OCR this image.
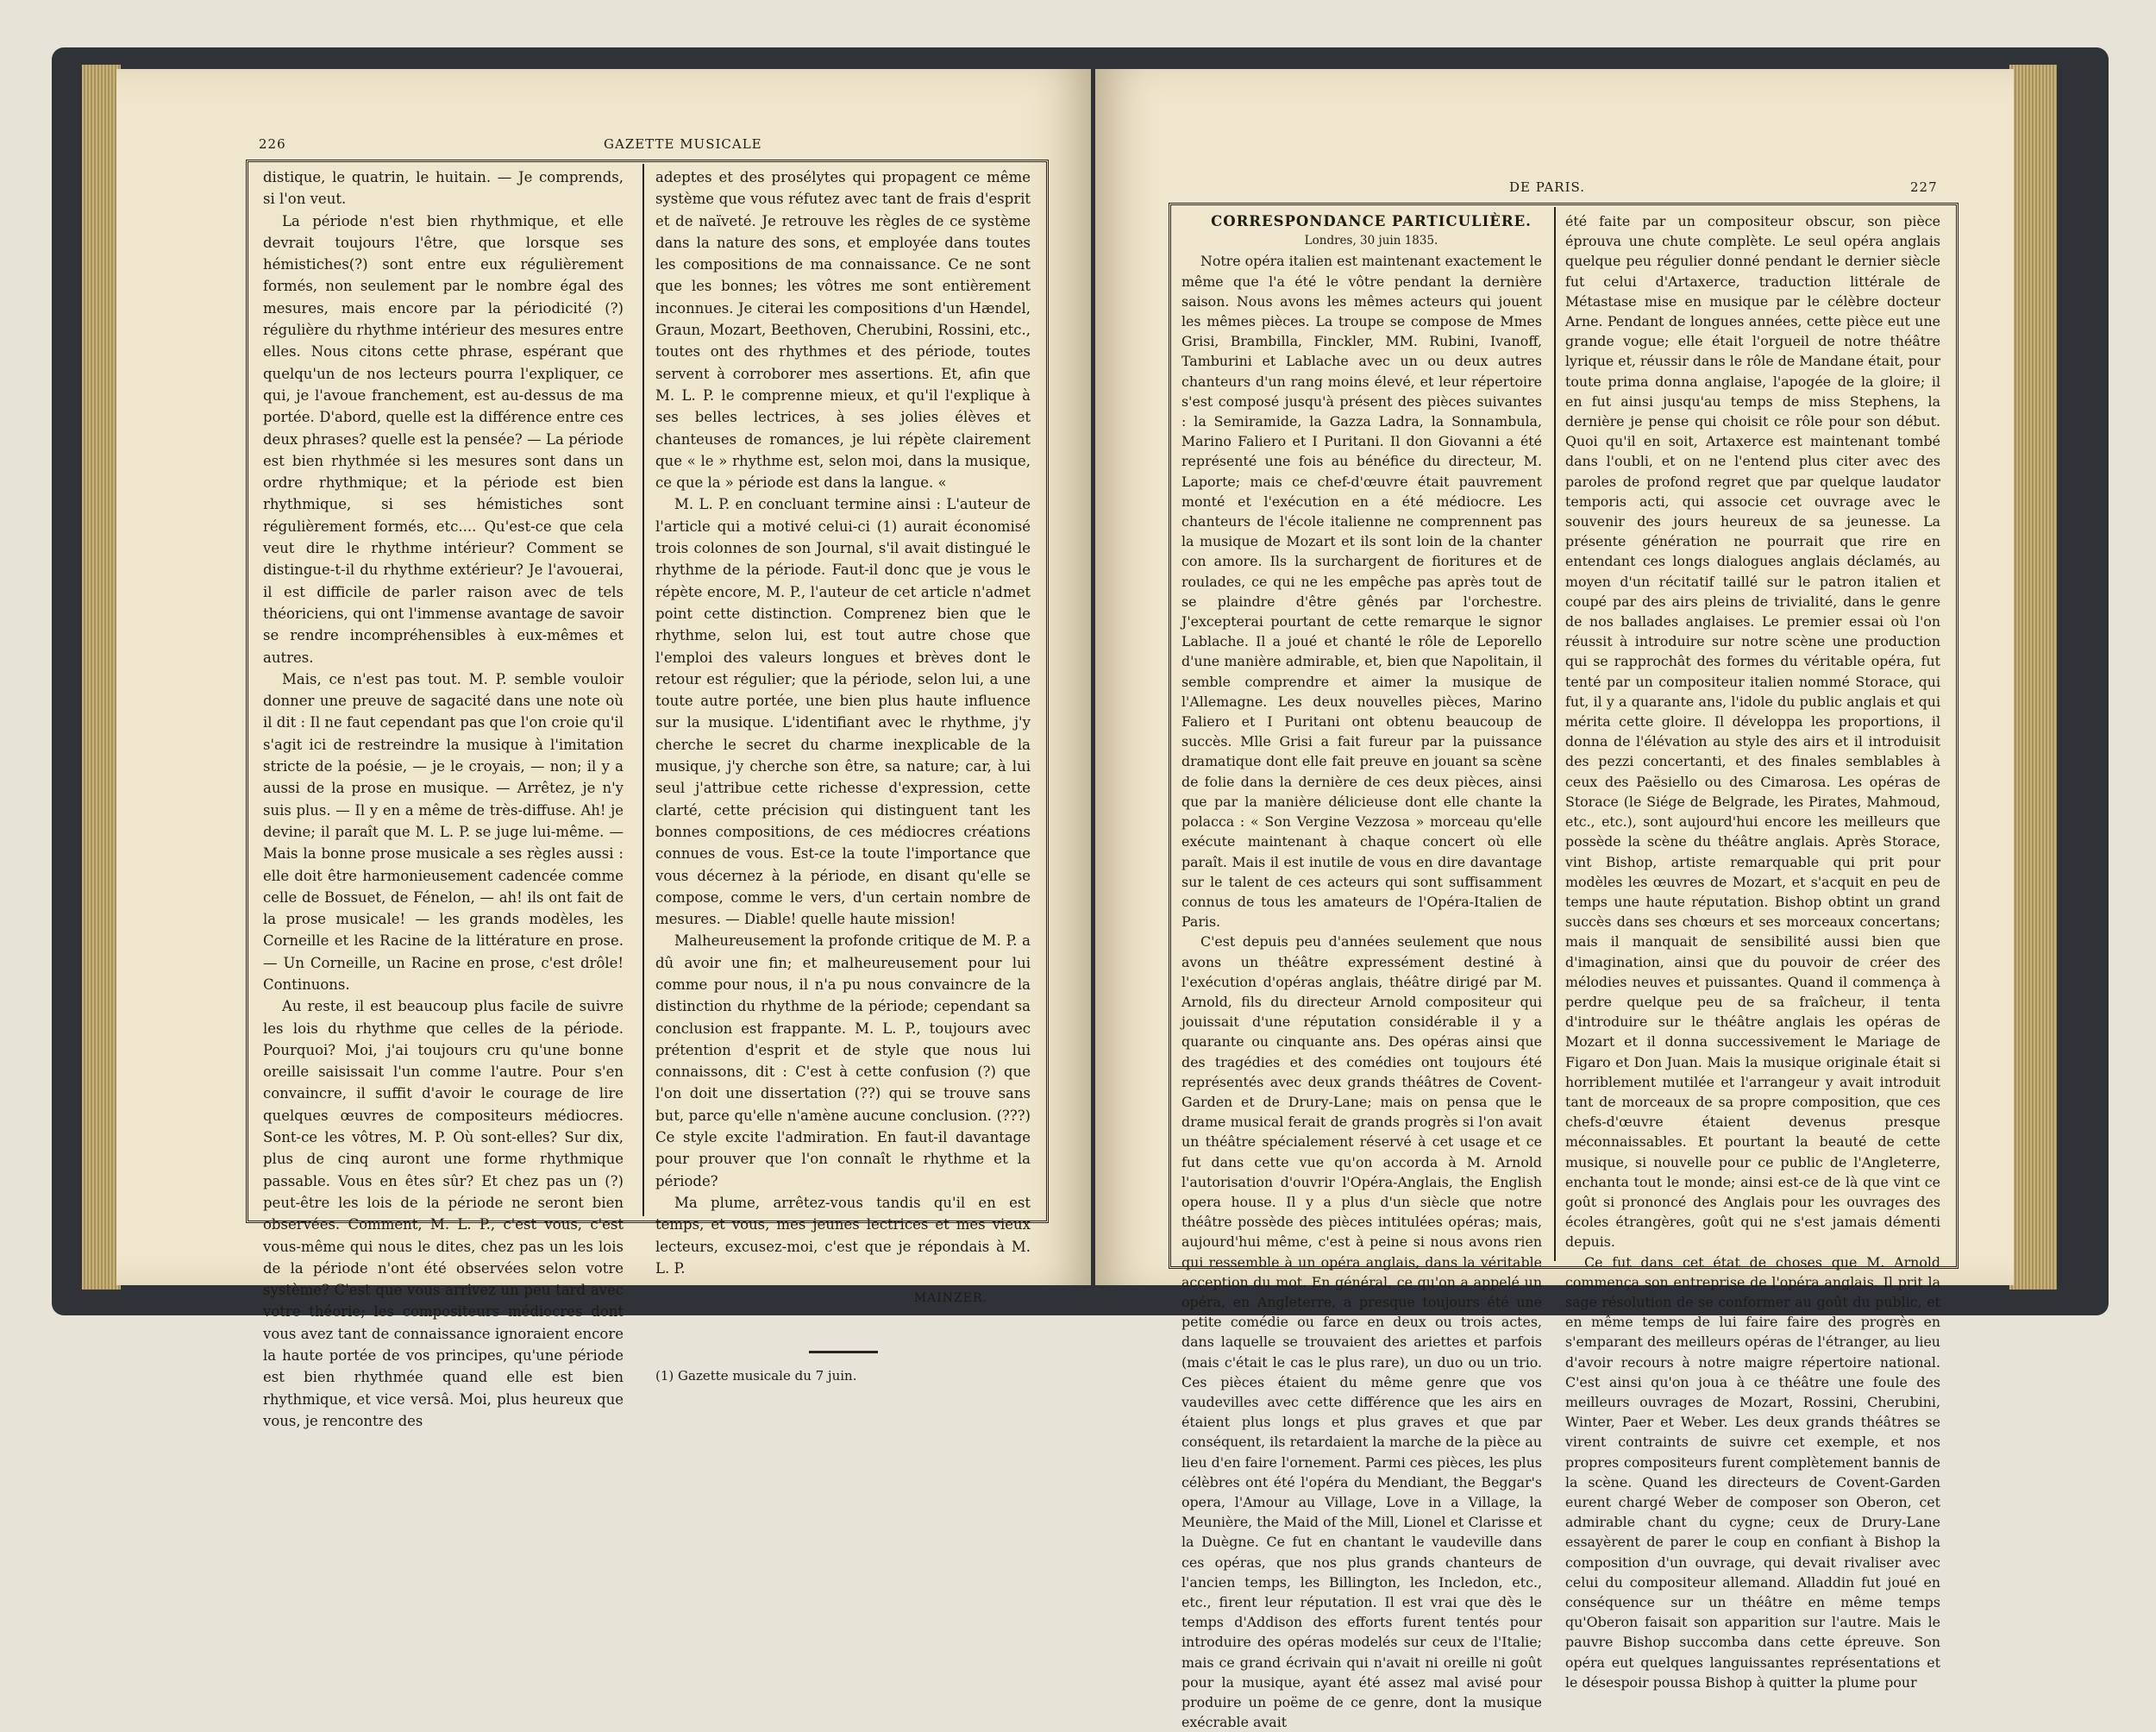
226	GAZETTE MUSICALE

distique, le quatrin, le huitain. — Je comprends, si l'on veut.

La période n'est bien rhythmique, et elle devrait toujours l'être, que lorsque ses hémistiches(?) sont entre eux régulièrement formés, non seulement par le nombre égal des mesures, mais encore par la périodicité (?) régulière du rhythme intérieur des mesures entre elles. Nous citons cette phrase, espérant que quelqu'un de nos lecteurs pourra l'expliquer, ce qui, je l'avoue franchement, est au-dessus de ma portée. D'abord, quelle est la différence entre ces deux phrases? quelle est la pensée? — La période est bien rhythmée si les mesures sont dans un ordre rhythmique; et la période est bien rhythmique, si ses hémistiches sont régulièrement formés, etc.... Qu'est-ce que cela veut dire le rhythme intérieur? Comment se distingue-t-il du rhythme extérieur? Je l'avouerai, il est difficile de parler raison avec de tels théoriciens, qui ont l'immense avantage de savoir se rendre incompréhensibles à eux-mêmes et autres.

Mais, ce n'est pas tout. M. P. semble vouloir donner une preuve de sagacité dans une note où il dit : Il ne faut cependant pas que l'on croie qu'il s'agit ici de restreindre la musique à l'imitation stricte de la poésie, — je le croyais, — non; il y a aussi de la prose en musique. — Arrêtez, je n'y suis plus. — Il y en a même de très-diffuse. Ah! je devine; il paraît que M. L. P. se juge lui-même. — Mais la bonne prose musicale a ses règles aussi : elle doit être harmonieusement cadencée comme celle de Bossuet, de Fénelon, — ah! ils ont fait de la prose musicale! — les grands modèles, les Corneille et les Racine de la littérature en prose. — Un Corneille, un Racine en prose, c'est drôle! Continuons.

Au reste, il est beaucoup plus facile de suivre les lois du rhythme que celles de la période. Pourquoi? Moi, j'ai toujours cru qu'une bonne oreille saisissait l'un comme l'autre. Pour s'en convaincre, il suffit d'avoir le courage de lire quelques œuvres de compositeurs médiocres. Sont-ce les vôtres, M. P. Où sont-elles? Sur dix, plus de cinq auront une forme rhythmique passable. Vous en êtes sûr? Et chez pas un (?) peut-être les lois de la période ne seront bien observées. Comment, M. L. P., c'est vous, c'est vous-même qui nous le dites, chez pas un les lois de la période n'ont été observées selon votre système? C'est que vous arrivez un peu tard avec votre théorie; les compositeurs médiocres dont vous avez tant de connaissance ignoraient encore la haute portée de vos principes, qu'une période est bien rhythmée quand elle est bien rhythmique, et vice versâ. Moi, plus heureux que vous, je rencontre des

adeptes et des prosélytes qui propagent ce même système que vous réfutez avec tant de frais d'esprit et de naïveté. Je retrouve les règles de ce système dans la nature des sons, et employée dans toutes les compositions de ma connaissance. Ce ne sont que les bonnes; les vôtres me sont entièrement inconnues. Je citerai les compositions d'un Hændel, Graun, Mozart, Beethoven, Cherubini, Rossini, etc., toutes ont des rhythmes et des période, toutes servent à corroborer mes assertions. Et, afin que M. L. P. le comprenne mieux, et qu'il l'explique à ses belles lectrices, à ses jolies élèves et chanteuses de romances, je lui répète clairement que « le » rhythme est, selon moi, dans la musique, ce que la » période est dans la langue. «

M. L. P. en concluant termine ainsi : L'auteur de l'article qui a motivé celui-ci (1) aurait économisé trois colonnes de son Journal, s'il avait distingué le rhythme de la période. Faut-il donc que je vous le répète encore, M. P., l'auteur de cet article n'admet point cette distinction. Comprenez bien que le rhythme, selon lui, est tout autre chose que l'emploi des valeurs longues et brèves dont le retour est régulier; que la période, selon lui, a une toute autre portée, une bien plus haute influence sur la musique. L'identifiant avec le rhythme, j'y cherche le secret du charme inexplicable de la musique, j'y cherche son être, sa nature; car, à lui seul j'attribue cette richesse d'expression, cette clarté, cette précision qui distinguent tant les bonnes compositions, de ces médiocres créations connues de vous. Est-ce la toute l'importance que vous décernez à la période, en disant qu'elle se compose, comme le vers, d'un certain nombre de mesures. — Diable! quelle haute mission!

Malheureusement la profonde critique de M. P. a dû avoir une fin; et malheureusement pour lui comme pour nous, il n'a pu nous convaincre de la distinction du rhythme de la période; cependant sa conclusion est frappante. M. L. P., toujours avec prétention d'esprit et de style que nous lui connaissons, dit : C'est à cette confusion (?) que l'on doit une dissertation (??) qui se trouve sans but, parce qu'elle n'amène aucune conclusion. (???) Ce style excite l'admiration. En faut-il davantage pour prouver que l'on connaît le rhythme et la période?

Ma plume, arrêtez-vous tandis qu'il en est temps, et vous, mes jeunes lectrices et mes vieux lecteurs, excusez-moi, c'est que je répondais à M. L. P.

MAINZER.

(1) Gazette musicale du 7 juin.

DE PARIS.	227

CORRESPONDANCE PARTICULIÈRE.

Londres, 30 juin 1835.

Notre opéra italien est maintenant exactement le même que l'a été le vôtre pendant la dernière saison. Nous avons les mêmes acteurs qui jouent les mêmes pièces. La troupe se compose de Mmes Grisi, Brambilla, Finckler, MM. Rubini, Ivanoff, Tamburini et Lablache avec un ou deux autres chanteurs d'un rang moins élevé, et leur répertoire s'est composé jusqu'à présent des pièces suivantes : la Semiramide, la Gazza Ladra, la Sonnambula, Marino Faliero et I Puritani. Il don Giovanni a été représenté une fois au bénéfice du directeur, M. Laporte; mais ce chef-d'œuvre était pauvrement monté et l'exécution en a été médiocre. Les chanteurs de l'école italienne ne comprennent pas la musique de Mozart et ils sont loin de la chanter con amore. Ils la surchargent de fioritures et de roulades, ce qui ne les empêche pas après tout de se plaindre d'être gênés par l'orchestre. J'excepterai pourtant de cette remarque le signor Lablache. Il a joué et chanté le rôle de Leporello d'une manière admirable, et, bien que Napolitain, il semble comprendre et aimer la musique de l'Allemagne. Les deux nouvelles pièces, Marino Faliero et I Puritani ont obtenu beaucoup de succès. Mlle Grisi a fait fureur par la puissance dramatique dont elle fait preuve en jouant sa scène de folie dans la dernière de ces deux pièces, ainsi que par la manière délicieuse dont elle chante la polacca : « Son Vergine Vezzosa » morceau qu'elle exécute maintenant à chaque concert où elle paraît. Mais il est inutile de vous en dire davantage sur le talent de ces acteurs qui sont suffisamment connus de tous les amateurs de l'Opéra-Italien de Paris.

C'est depuis peu d'années seulement que nous avons un théâtre expressément destiné à l'exécution d'opéras anglais, théâtre dirigé par M. Arnold, fils du directeur Arnold compositeur qui jouissait d'une réputation considérable il y a quarante ou cinquante ans. Des opéras ainsi que des tragédies et des comédies ont toujours été représentés avec deux grands théâtres de Covent-Garden et de Drury-Lane; mais on pensa que le drame musical ferait de grands progrès si l'on avait un théâtre spécialement réservé à cet usage et ce fut dans cette vue qu'on accorda à M. Arnold l'autorisation d'ouvrir l'Opéra-Anglais, the English opera house. Il y a plus d'un siècle que notre théâtre possède des pièces intitulées opéras; mais, aujourd'hui même, c'est à peine si nous avons rien qui ressemble à un opéra anglais, dans la véritable acception du mot. En général, ce qu'on a appelé un opéra, en Angleterre, a presque toujours été une petite comédie ou farce en deux ou trois actes, dans laquelle se trouvaient des ariettes et parfois (mais c'était le cas le plus rare), un duo ou un trio. Ces pièces étaient du même genre que vos vaudevilles avec cette différence que les airs en étaient plus longs et plus graves et que par conséquent, ils retardaient la marche de la pièce au lieu d'en faire l'ornement. Parmi ces pièces, les plus célèbres ont été l'opéra du Mendiant, the Beggar's opera, l'Amour au Village, Love in a Village, la Meunière, the Maid of the Mill, Lionel et Clarisse et la Duègne. Ce fut en chantant le vaudeville dans ces opéras, que nos plus grands chanteurs de l'ancien temps, les Billington, les Incledon, etc., etc., firent leur réputation. Il est vrai que dès le temps d'Addison des efforts furent tentés pour introduire des opéras modelés sur ceux de l'Italie; mais ce grand écrivain qui n'avait ni oreille ni goût pour la musique, ayant été assez mal avisé pour produire un poëme de ce genre, dont la musique exécrable avait

été faite par un compositeur obscur, son pièce éprouva une chute complète. Le seul opéra anglais quelque peu régulier donné pendant le dernier siècle fut celui d'Artaxerce, traduction littérale de Métastase mise en musique par le célèbre docteur Arne. Pendant de longues années, cette pièce eut une grande vogue; elle était l'orgueil de notre théâtre lyrique et, réussir dans le rôle de Mandane était, pour toute prima donna anglaise, l'apogée de la gloire; il en fut ainsi jusqu'au temps de miss Stephens, la dernière je pense qui choisit ce rôle pour son début. Quoi qu'il en soit, Artaxerce est maintenant tombé dans l'oubli, et on ne l'entend plus citer avec des paroles de profond regret que par quelque laudator temporis acti, qui associe cet ouvrage avec le souvenir des jours heureux de sa jeunesse. La présente génération ne pourrait que rire en entendant ces longs dialogues anglais déclamés, au moyen d'un récitatif taillé sur le patron italien et coupé par des airs pleins de trivialité, dans le genre de nos ballades anglaises. Le premier essai où l'on réussit à introduire sur notre scène une production qui se rapprochât des formes du véritable opéra, fut tenté par un compositeur italien nommé Storace, qui fut, il y a quarante ans, l'idole du public anglais et qui mérita cette gloire. Il développa les proportions, il donna de l'élévation au style des airs et il introduisit des pezzi concertanti, et des finales semblables à ceux des Paësiello ou des Cimarosa. Les opéras de Storace (le Siége de Belgrade, les Pirates, Mahmoud, etc., etc.), sont aujourd'hui encore les meilleurs que possède la scène du théâtre anglais. Après Storace, vint Bishop, artiste remarquable qui prit pour modèles les œuvres de Mozart, et s'acquit en peu de temps une haute réputation. Bishop obtint un grand succès dans ses chœurs et ses morceaux concertans; mais il manquait de sensibilité aussi bien que d'imagination, ainsi que du pouvoir de créer des mélodies neuves et puissantes. Quand il commença à perdre quelque peu de sa fraîcheur, il tenta d'introduire sur le théâtre anglais les opéras de Mozart et il donna successivement le Mariage de Figaro et Don Juan. Mais la musique originale était si horriblement mutilée et l'arrangeur y avait introduit tant de morceaux de sa propre composition, que ces chefs-d'œuvre étaient devenus presque méconnaissables. Et pourtant la beauté de cette musique, si nouvelle pour ce public de l'Angleterre, enchanta tout le monde; ainsi est-ce de là que vint ce goût si prononcé des Anglais pour les ouvrages des écoles étrangères, goût qui ne s'est jamais démenti depuis.

Ce fut dans cet état de choses que M. Arnold commença son entreprise de l'opéra anglais. Il prit la sage résolution de se conformer au goût du public, et en même temps de lui faire faire des progrès en s'emparant des meilleurs opéras de l'étranger, au lieu d'avoir recours à notre maigre répertoire national. C'est ainsi qu'on joua à ce théâtre une foule des meilleurs ouvrages de Mozart, Rossini, Cherubini, Winter, Paer et Weber. Les deux grands théâtres se virent contraints de suivre cet exemple, et nos propres compositeurs furent complètement bannis de la scène. Quand les directeurs de Covent-Garden eurent chargé Weber de composer son Oberon, cet admirable chant du cygne; ceux de Drury-Lane essayèrent de parer le coup en confiant à Bishop la composition d'un ouvrage, qui devait rivaliser avec celui du compositeur allemand. Alladdin fut joué en conséquence sur un théâtre en même temps qu'Oberon faisait son apparition sur l'autre. Mais le pauvre Bishop succomba dans cette épreuve. Son opéra eut quelques languissantes représentations et le désespoir poussa Bishop à quitter la plume pour
